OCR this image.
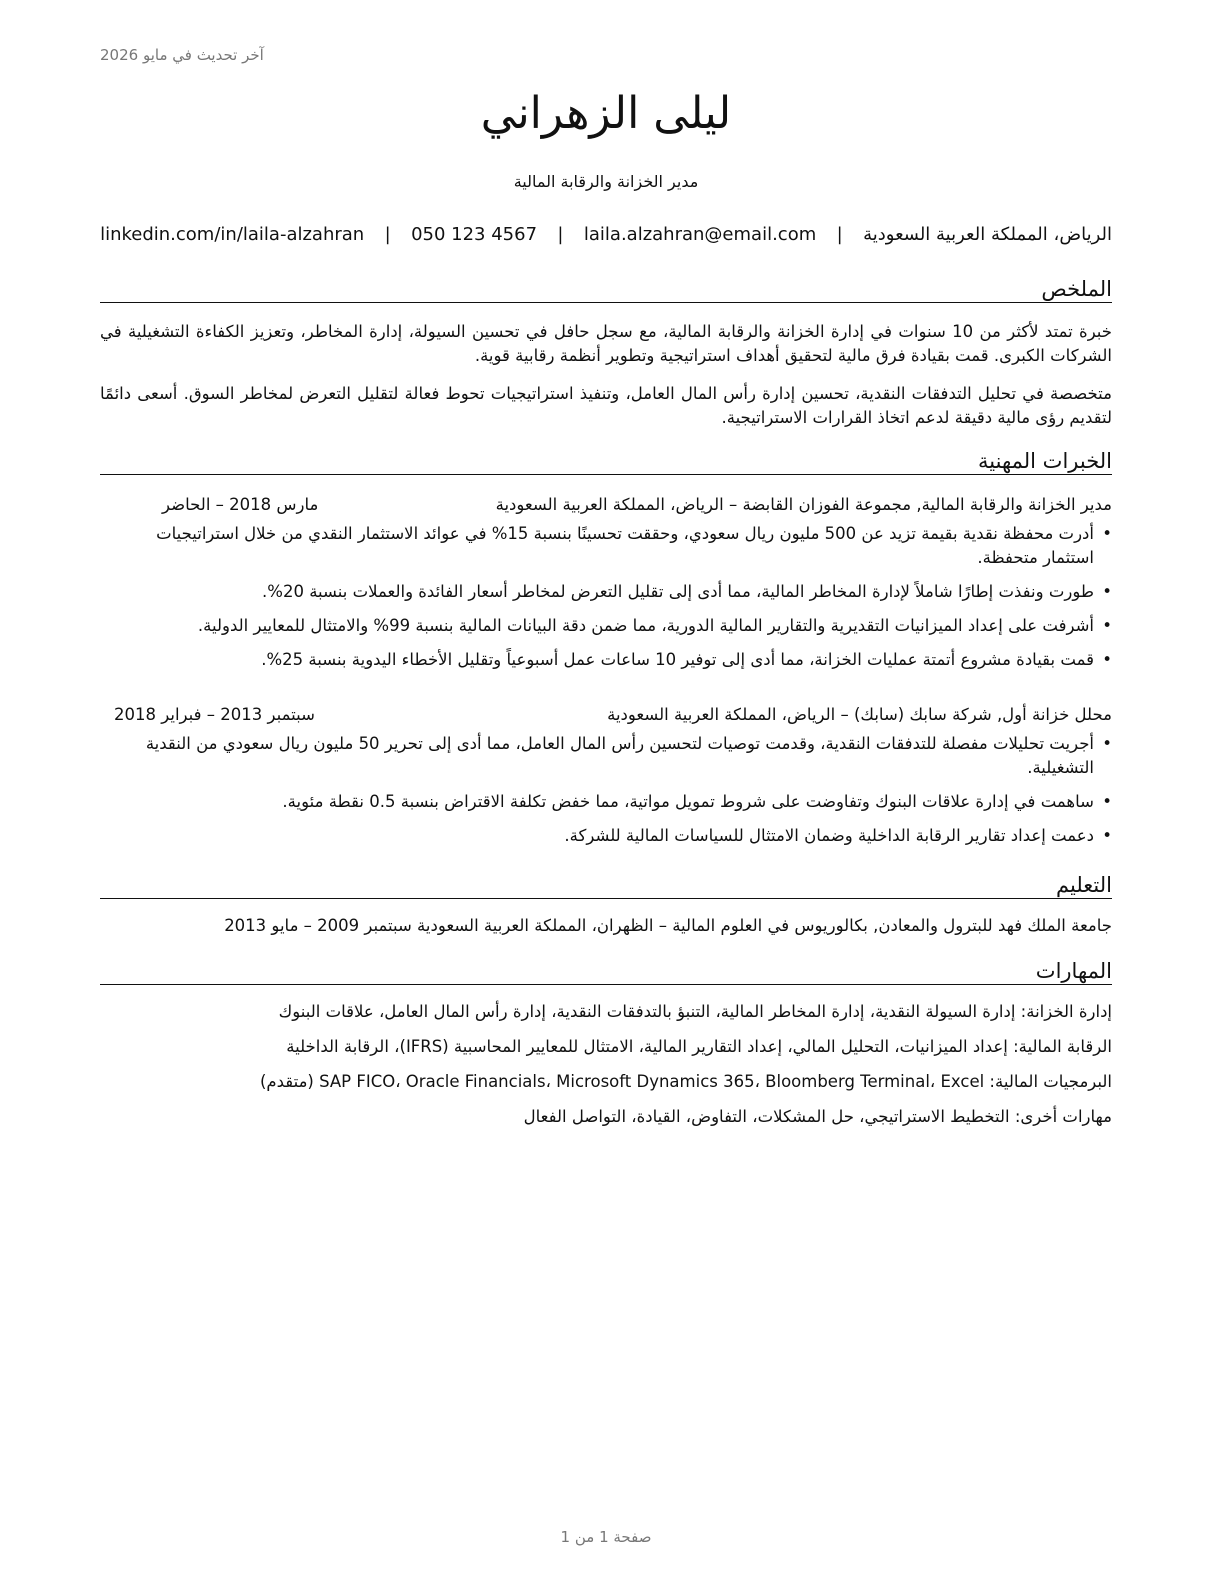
آخر تحديث في مايو 2026
ليلى الزهراني
مدير الخزانة والرقابة المالية
الرياض، المملكة العربية السعودية
|
laila.alzahran@email.com
|
050 123 4567
|
linkedin.com/in/laila-alzahran
الملخص
خبرة تمتد لأكثر من 10 سنوات في إدارة الخزانة والرقابة المالية، مع سجل حافل في تحسين السيولة، إدارة المخاطر، وتعزيز الكفاءة التشغيلية في الشركات الكبرى. قمت بقيادة فرق مالية لتحقيق أهداف استراتيجية وتطوير أنظمة رقابية قوية.
متخصصة في تحليل التدفقات النقدية، تحسين إدارة رأس المال العامل، وتنفيذ استراتيجيات تحوط فعالة لتقليل التعرض لمخاطر السوق. أسعى دائمًا لتقديم رؤى مالية دقيقة لدعم اتخاذ القرارات الاستراتيجية.
الخبرات المهنية
مدير الخزانة والرقابة المالية, مجموعة الفوزان القابضة – الرياض، المملكة العربية السعودية
مارس 2018 – الحاضر
• أدرت محفظة نقدية بقيمة تزيد عن 500 مليون ريال سعودي، وحققت تحسينًا بنسبة 15% في عوائد الاستثمار النقدي من خلال استراتيجيات استثمار متحفظة.
• طورت ونفذت إطارًا شاملاً لإدارة المخاطر المالية، مما أدى إلى تقليل التعرض لمخاطر أسعار الفائدة والعملات بنسبة 20%.
• أشرفت على إعداد الميزانيات التقديرية والتقارير المالية الدورية، مما ضمن دقة البيانات المالية بنسبة 99% والامتثال للمعايير الدولية.
• قمت بقيادة مشروع أتمتة عمليات الخزانة، مما أدى إلى توفير 10 ساعات عمل أسبوعياً وتقليل الأخطاء اليدوية بنسبة 25%.
محلل خزانة أول, شركة سابك (سابك) – الرياض، المملكة العربية السعودية
سبتمبر 2013 – فبراير 2018
• أجريت تحليلات مفصلة للتدفقات النقدية، وقدمت توصيات لتحسين رأس المال العامل، مما أدى إلى تحرير 50 مليون ريال سعودي من النقدية التشغيلية.
• ساهمت في إدارة علاقات البنوك وتفاوضت على شروط تمويل مواتية، مما خفض تكلفة الاقتراض بنسبة 0.5 نقطة مئوية.
• دعمت إعداد تقارير الرقابة الداخلية وضمان الامتثال للسياسات المالية للشركة.
التعليم
جامعة الملك فهد للبترول والمعادن, بكالوريوس في العلوم المالية – الظهران، المملكة العربية السعودية سبتمبر 2009 – مايو 2013
المهارات
إدارة الخزانة: إدارة السيولة النقدية، إدارة المخاطر المالية، التنبؤ بالتدفقات النقدية، إدارة رأس المال العامل، علاقات البنوك
الرقابة المالية: إعداد الميزانيات، التحليل المالي، إعداد التقارير المالية، الامتثال للمعايير المحاسبية (IFRS)، الرقابة الداخلية
البرمجيات المالية: SAP FICO، Oracle Financials، Microsoft Dynamics 365، Bloomberg Terminal، Excel (متقدم)
مهارات أخرى: التخطيط الاستراتيجي، حل المشكلات، التفاوض، القيادة، التواصل الفعال
صفحة 1 من 1
